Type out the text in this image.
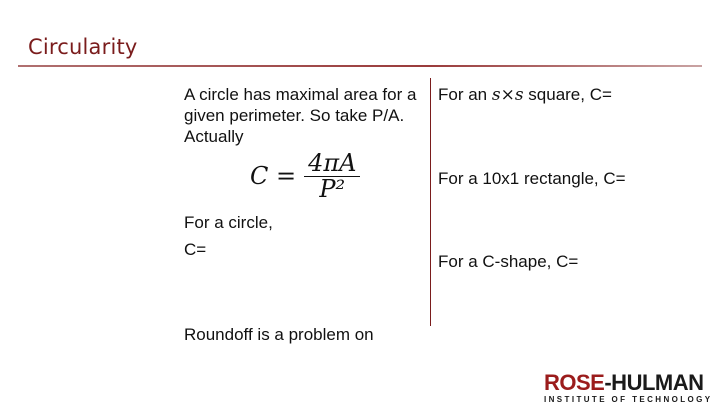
Circularity

A circle has maximal area for a given perimeter. So take P/A. Actually

$C = \frac{4\pi A}{\text{P²}}$

For a circle,

C=

Roundoff is a problem on

For an s×s square, C=
For a 10x1 rectangle, C=
For a C-shape, C=
ROSE-HULMAN
INSTITUTE OF TECHNOLOGY
